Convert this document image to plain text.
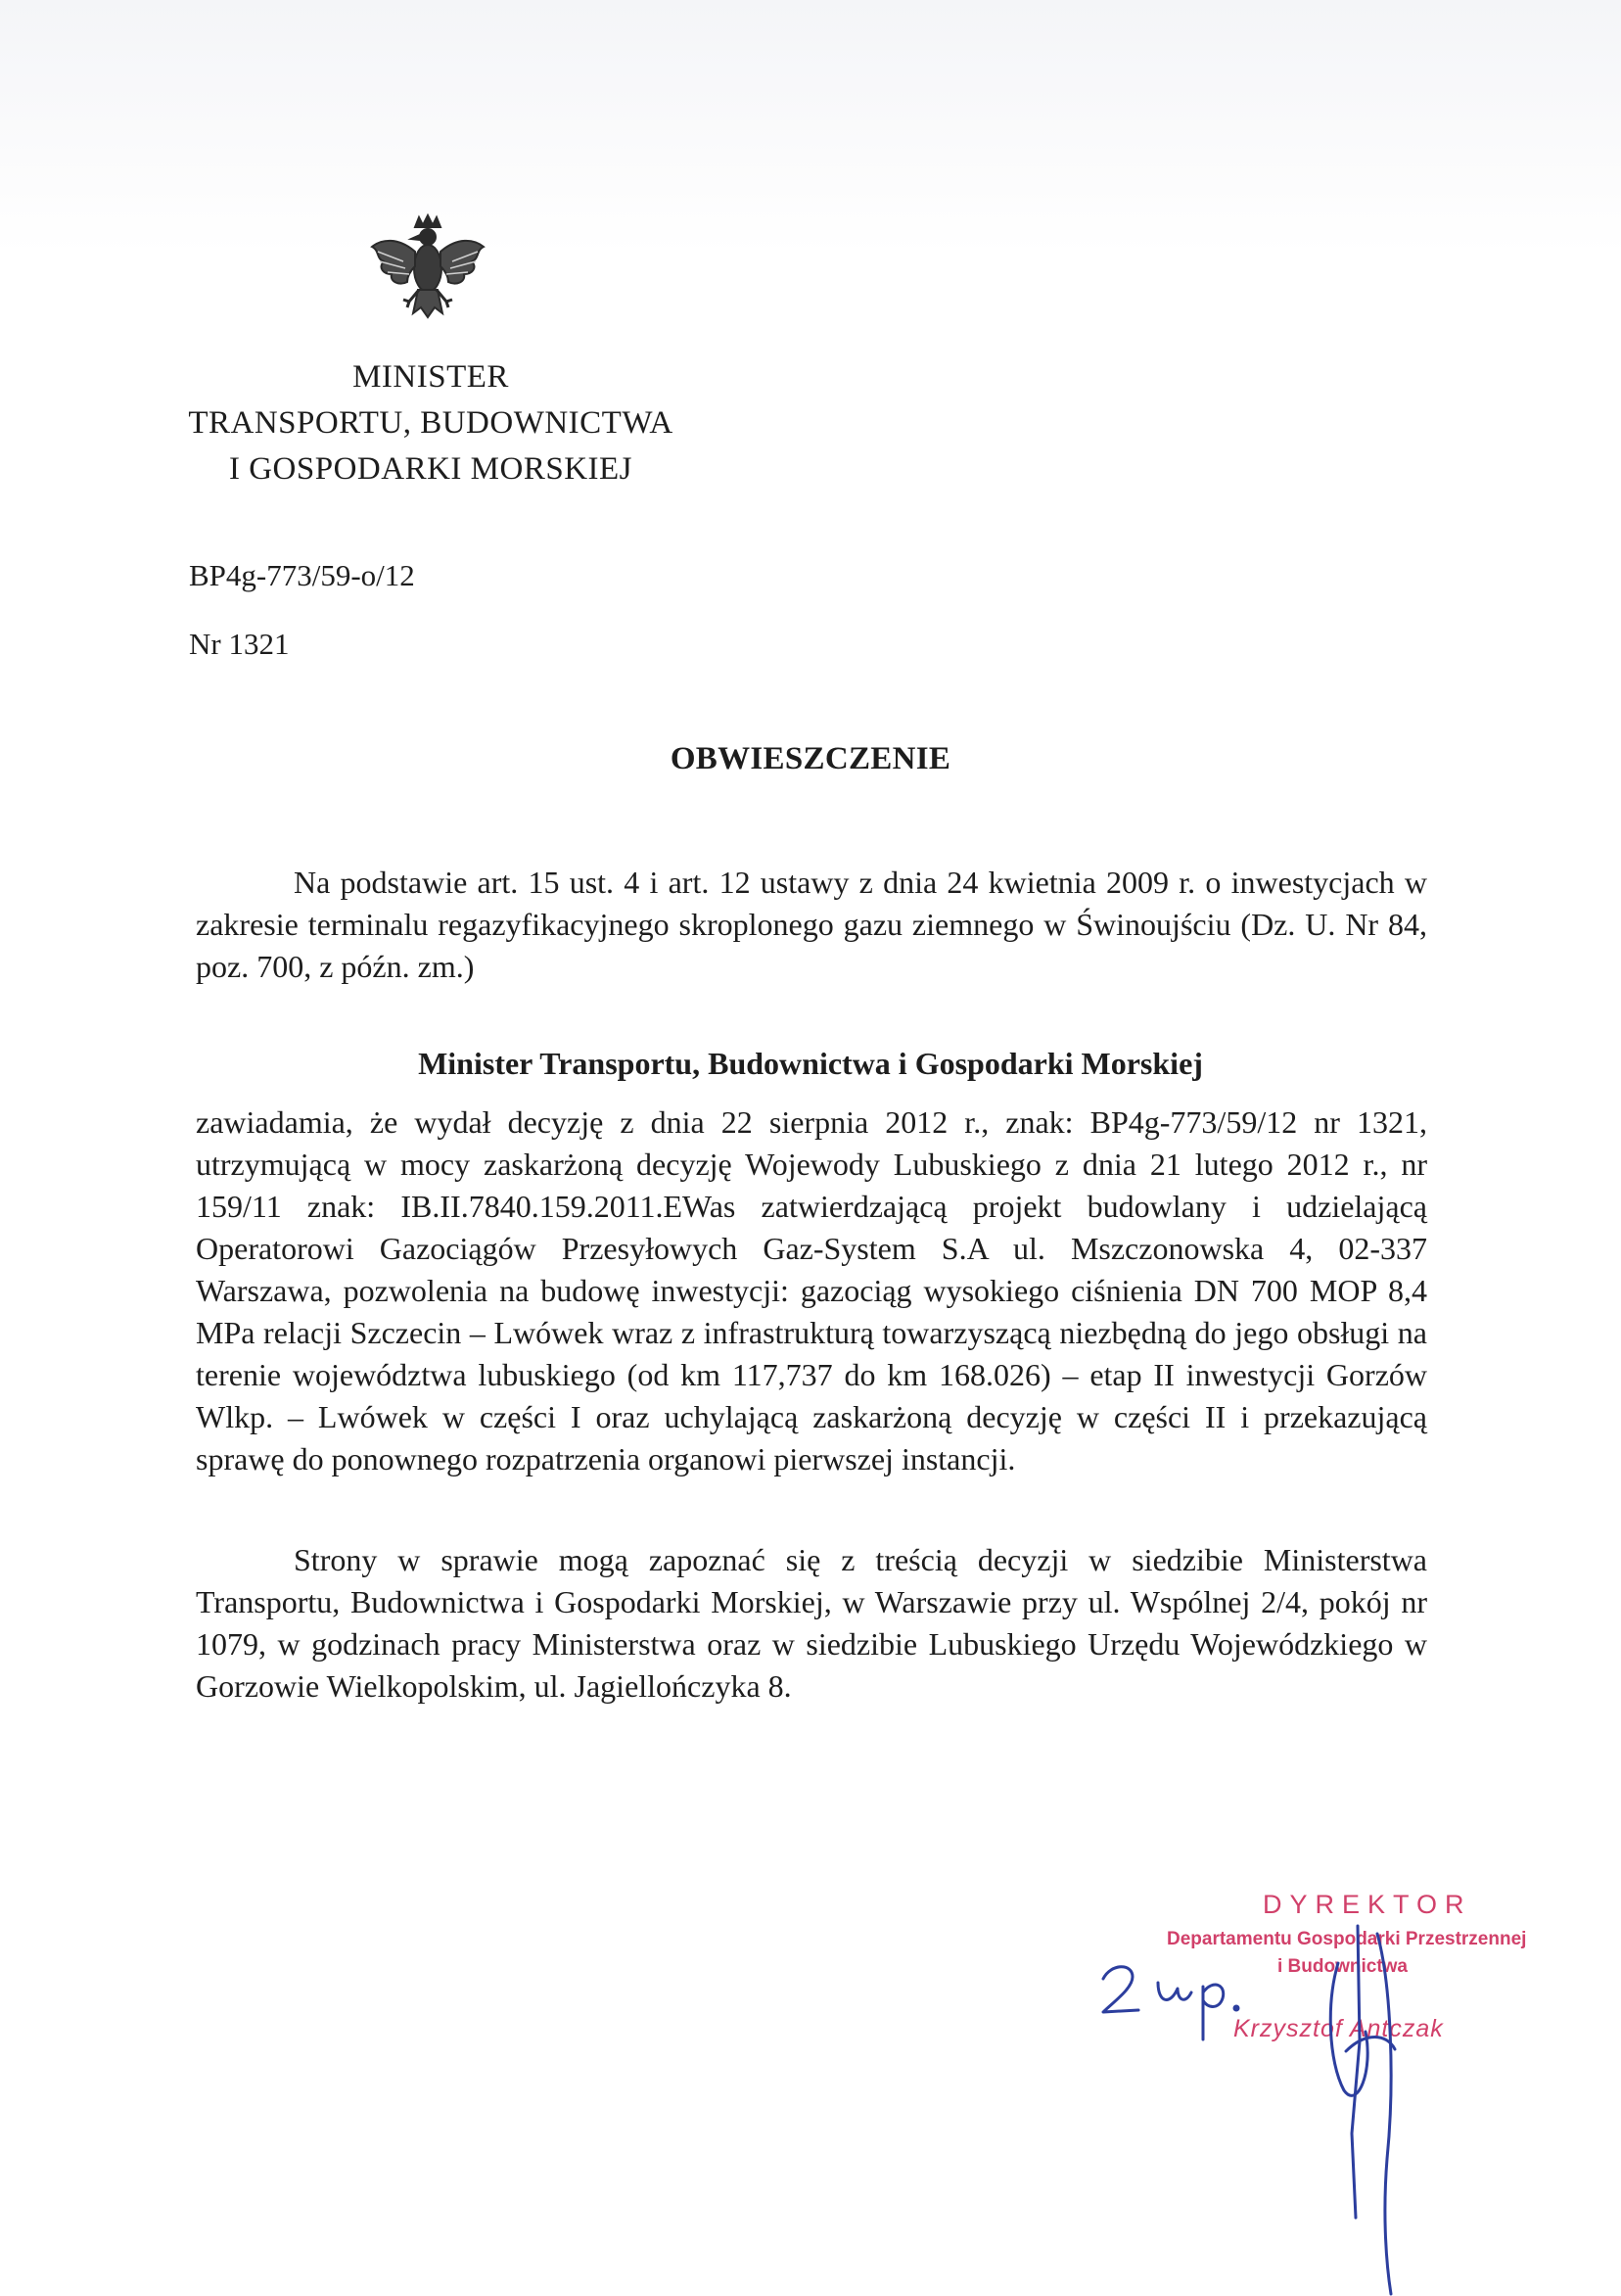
MINISTER
TRANSPORTU, BUDOWNICTWA
I GOSPODARKI MORSKIEJ
BP4g-773/59-o/12
Nr 1321
OBWIESZCZENIE
Na podstawie art. 15 ust. 4 i art. 12 ustawy z dnia 24 kwietnia 2009 r. o inwestycjach w zakresie terminalu regazyfikacyjnego skroplonego gazu ziemnego w Świnoujściu (Dz. U. Nr 84, poz. 700, z późn. zm.)
Minister Transportu, Budownictwa i Gospodarki Morskiej
zawiadamia, że wydał decyzję z dnia 22 sierpnia 2012 r., znak: BP4g-773/59/12 nr 1321, utrzymującą w mocy zaskarżoną decyzję Wojewody Lubuskiego z dnia 21 lutego 2012 r., nr 159/11 znak: IB.II.7840.159.2011.EWas zatwierdzającą projekt budowlany i udzielającą Operatorowi Gazociągów Przesyłowych Gaz-System S.A ul. Mszczonowska 4, 02-337 Warszawa, pozwolenia na budowę inwestycji: gazociąg wysokiego ciśnienia DN 700 MOP 8,4 MPa relacji Szczecin – Lwówek wraz z infrastrukturą towarzyszącą niezbędną do jego obsługi na terenie województwa lubuskiego (od km 117,737 do km 168.026) – etap II inwestycji Gorzów Wlkp. – Lwówek w części I oraz uchylającą zaskarżoną decyzję w części II i przekazującą sprawę do ponownego rozpatrzenia organowi pierwszej instancji.
Strony w sprawie mogą zapoznać się z treścią decyzji w siedzibie Ministerstwa Transportu, Budownictwa i Gospodarki Morskiej, w Warszawie przy ul. Wspólnej 2/4, pokój nr 1079, w godzinach pracy Ministerstwa oraz w siedzibie Lubuskiego Urzędu Wojewódzkiego w Gorzowie Wielkopolskim, ul. Jagiellończyka 8.
DYREKTOR
Departamentu Gospodarki Przestrzennej
i Budownictwa
Krzysztof Antczak
